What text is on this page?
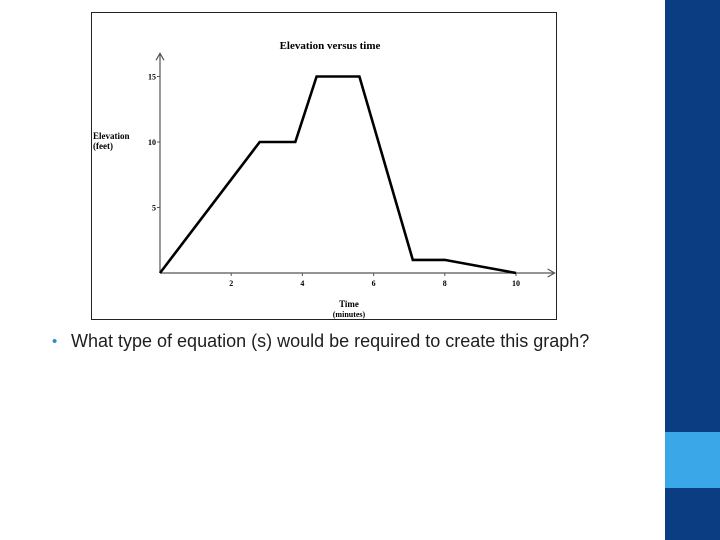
Elevation versus time
Elevation
(feet)
Time
(minutes)
2	4	6	8	10
5
10
15
• What type of equation (s) would be required to create this graph?
